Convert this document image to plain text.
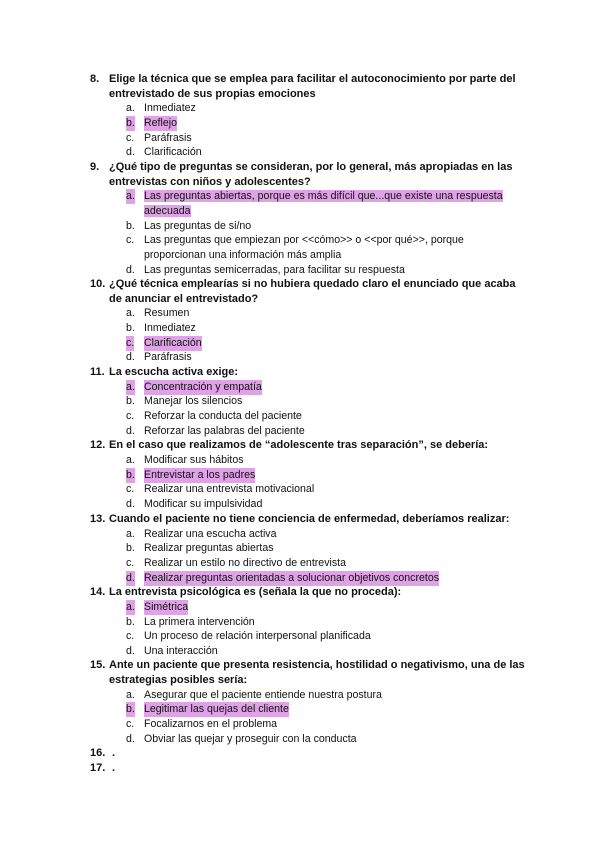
8. Elige la técnica que se emplea para facilitar el autoconocimiento por parte del entrevistado de sus propias emociones
a. Inmediatez
b. Reflejo
c. Paráfrasis
d. Clarificación
9. ¿Qué tipo de preguntas se consideran, por lo general, más apropiadas en las entrevistas con niños y adolescentes?
a. Las preguntas abiertas, porque es más difícil que...que existe una respuesta adecuada
b. Las preguntas de si/no
c. Las preguntas que empiezan por <<cómo>> o <<por qué>>, porque proporcionan una información más amplia
d. Las preguntas semicerradas, para facilitar su respuesta
10. ¿Qué técnica emplearías si no hubiera quedado claro el enunciado que acaba de anunciar el entrevistado?
a. Resumen
b. Inmediatez
c. Clarificación
d. Paráfrasis
11. La escucha activa exige:
a. Concentración y empatía
b. Manejar los silencios
c. Reforzar la conducta del paciente
d. Reforzar las palabras del paciente
12. En el caso que realizamos de “adolescente tras separación”, se debería:
a. Modificar sus hábitos
b. Entrevistar a los padres
c. Realizar una entrevista motivacional
d. Modificar su impulsividad
13. Cuando el paciente no tiene conciencia de enfermedad, deberíamos realizar:
a. Realizar una escucha activa
b. Realizar preguntas abiertas
c. Realizar un estilo no directivo de entrevista
d. Realizar preguntas orientadas a solucionar objetivos concretos
14. La entrevista psicológica es (señala la que no proceda):
a. Simétrica
b. La primera intervención
c. Un proceso de relación interpersonal planificada
d. Una interacción
15. Ante un paciente que presenta resistencia, hostilidad o negativismo, una de las estrategias posibles sería:
a. Asegurar que el paciente entiende nuestra postura
b. Legitimar las quejas del cliente
c. Focalizarnos en el problema
d. Obviar las quejar y proseguir con la conducta
16. .
17. .
